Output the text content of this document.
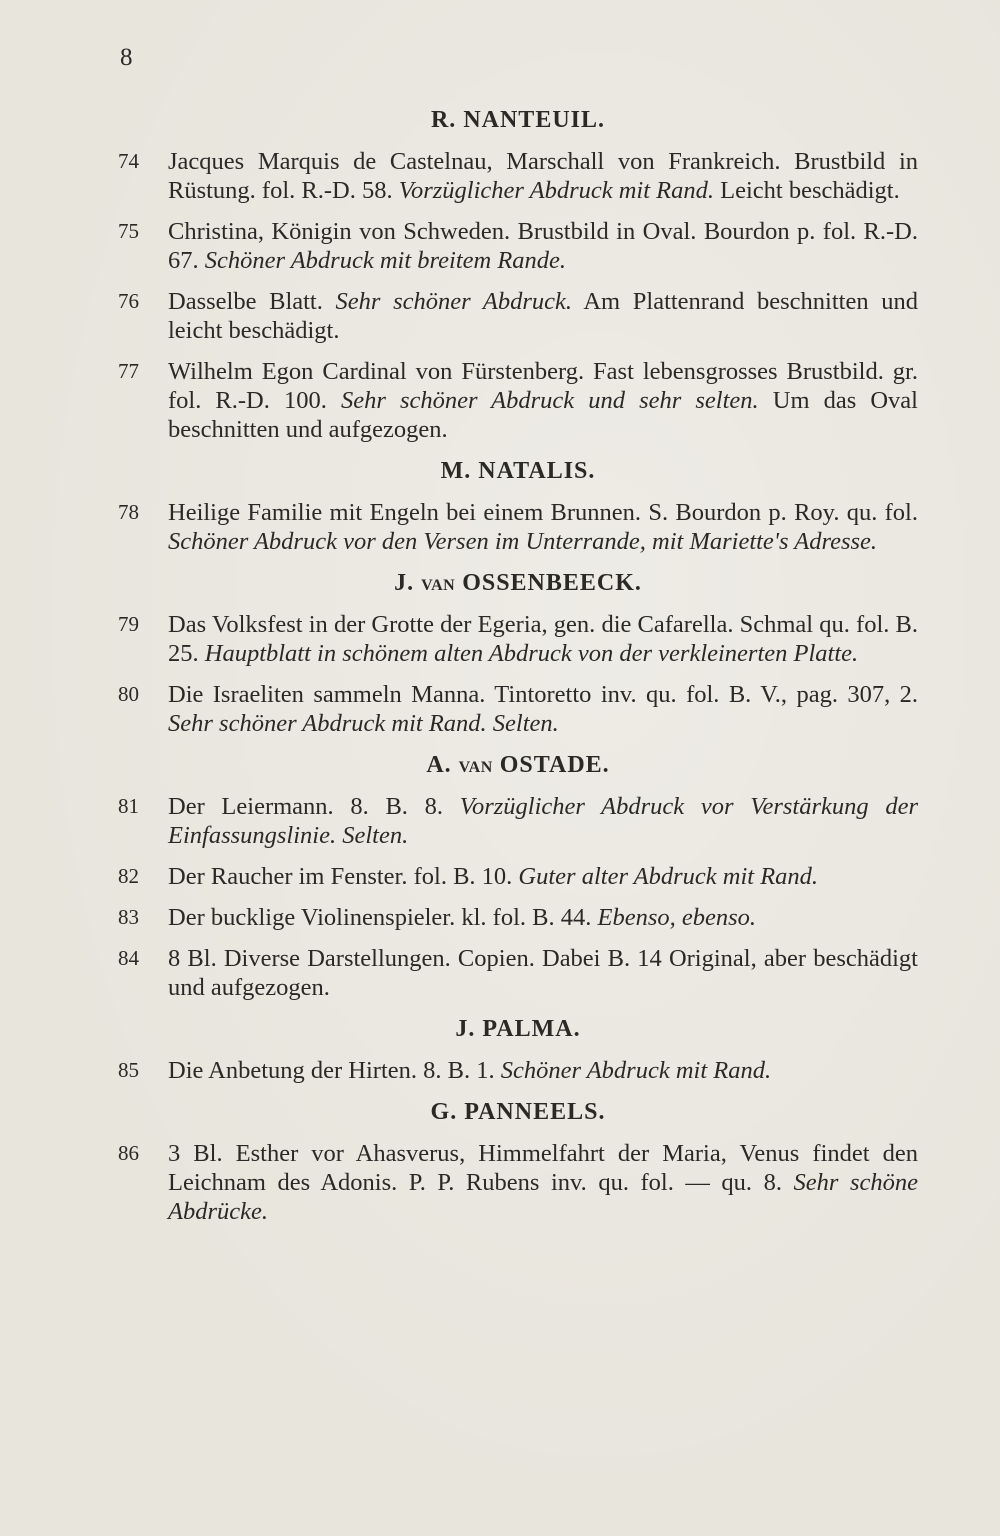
8
R. NANTEUIL.

74	Jacques Marquis de Castelnau, Marschall von Frankreich. Brustbild in Rüstung. fol. R.-D. 58. Vorzüglicher Abdruck mit Rand. Leicht beschädigt.

75	Christina, Königin von Schweden. Brustbild in Oval. Bourdon p. fol. R.-D. 67. Schöner Abdruck mit breitem Rande.

76	Dasselbe Blatt. Sehr schöner Abdruck. Am Plattenrand beschnitten und leicht beschädigt.

77	Wilhelm Egon Cardinal von Fürstenberg. Fast lebensgrosses Brustbild. gr. fol. R.-D. 100. Sehr schöner Abdruck und sehr selten. Um das Oval beschnitten und aufgezogen.

M. NATALIS.

78	Heilige Familie mit Engeln bei einem Brunnen. S. Bourdon p. Roy. qu. fol. Schöner Abdruck vor den Versen im Unterrande, mit Mariette's Adresse.

J. VAN OSSENBEECK.

79	Das Volksfest in der Grotte der Egeria, gen. die Cafarella. Schmal qu. fol. B. 25. Hauptblatt in schönem alten Abdruck von der verkleinerten Platte.

80	Die Israeliten sammeln Manna. Tintoretto inv. qu. fol. B. V., pag. 307, 2. Sehr schöner Abdruck mit Rand. Selten.

A. VAN OSTADE.

81	Der Leiermann. 8. B. 8. Vorzüglicher Abdruck vor Verstärkung der Einfassungslinie. Selten.

82	Der Raucher im Fenster. fol. B. 10. Guter alter Abdruck mit Rand.

83	Der bucklige Violinenspieler. kl. fol. B. 44. Ebenso, ebenso.

84	8 Bl. Diverse Darstellungen. Copien. Dabei B. 14 Original, aber beschädigt und aufgezogen.

J. PALMA.

85	Die Anbetung der Hirten. 8. B. 1. Schöner Abdruck mit Rand.

G. PANNEELS.

86	3 Bl. Esther vor Ahasverus, Himmelfahrt der Maria, Venus findet den Leichnam des Adonis. P. P. Rubens inv. qu. fol. — qu. 8. Sehr schöne Abdrücke.
